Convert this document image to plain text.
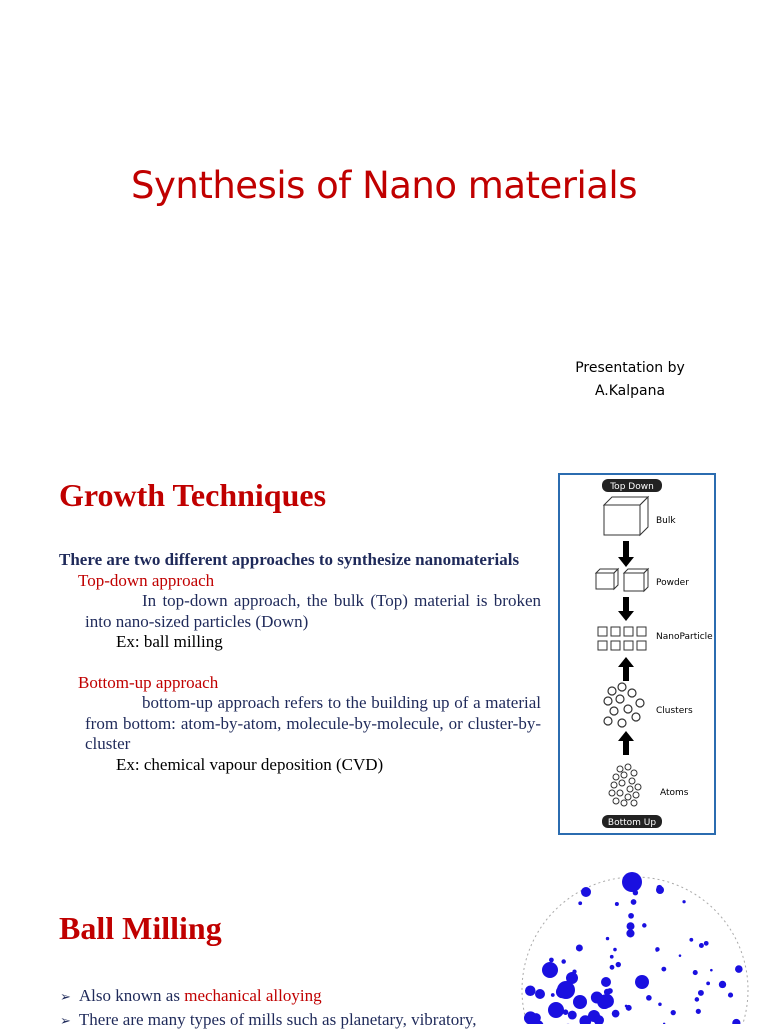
Synthesis of Nano materials
Presentation by
A.Kalpana
Growth Techniques
There are two different approaches to synthesize nanomaterials
Top-down approach
In top-down approach, the bulk (Top) material is broken into nano-sized particles (Down)
Ex: ball milling
Bottom-up approach
bottom-up approach refers to the building up of a material from bottom: atom-by-atom, molecule-by-molecule, or cluster-by-cluster
Ex: chemical vapour deposition (CVD)
Top Down
Bulk
Powder
NanoParticle
Clusters
Atoms
Bottom Up
Ball Milling
➢ Also known as mechanical alloying
➢ There are many types of mills such as planetary, vibratory,
